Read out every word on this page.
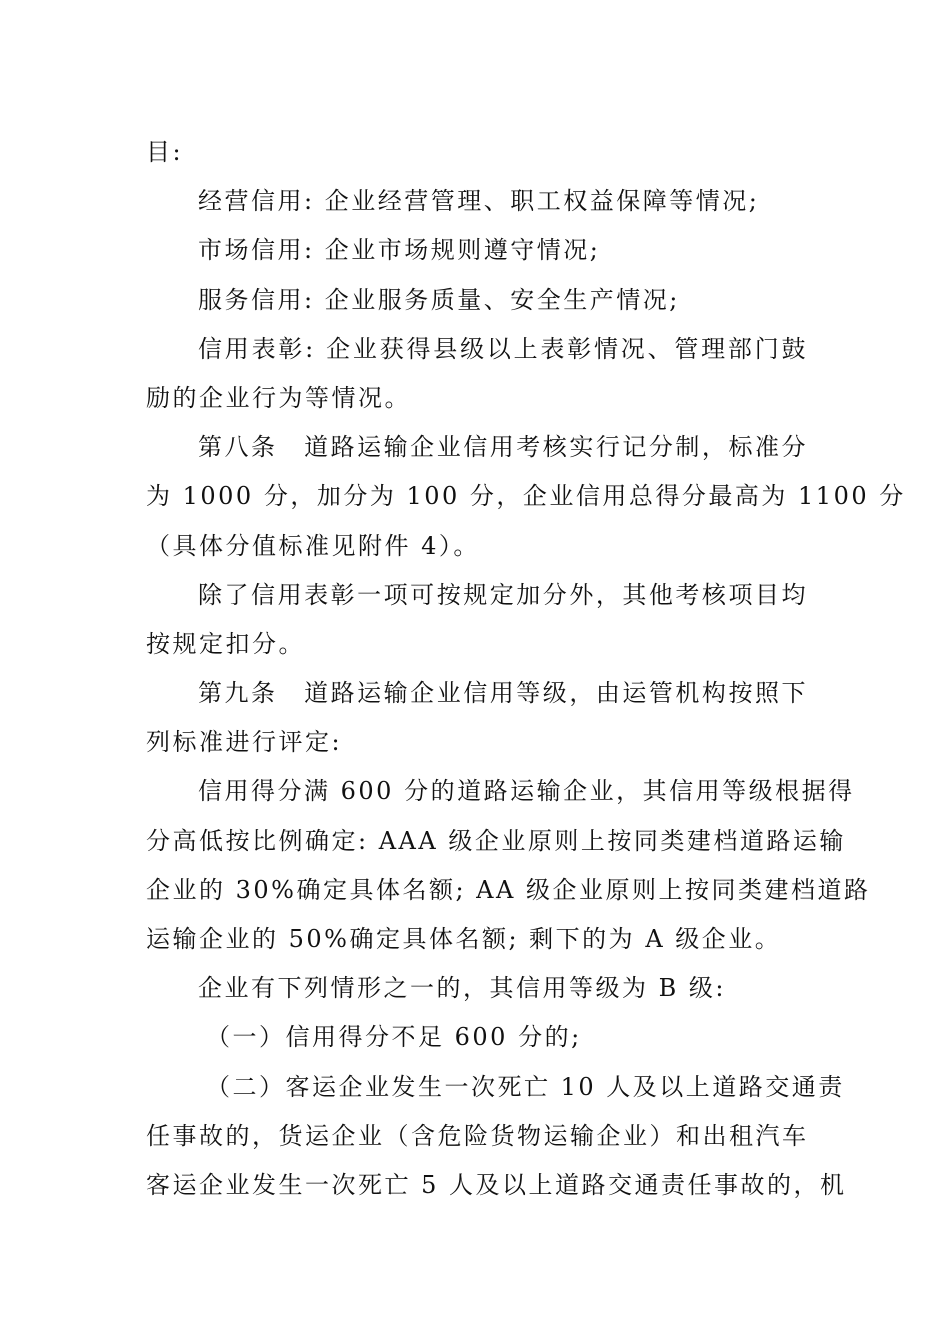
目:
经营信用: 企业经营管理、职工权益保障等情况;
市场信用: 企业市场规则遵守情况;
服务信用: 企业服务质量、安全生产情况;
信用表彰: 企业获得县级以上表彰情况、管理部门鼓
励的企业行为等情况。
第八条　道路运输企业信用考核实行记分制，标准分
为 1000 分，加分为 100 分，企业信用总得分最高为 1100 分
（具体分值标准见附件 4）。
除了信用表彰一项可按规定加分外，其他考核项目均
按规定扣分。
第九条　道路运输企业信用等级，由运管机构按照下
列标准进行评定:
信用得分满 600 分的道路运输企业，其信用等级根据得
分高低按比例确定: AAA 级企业原则上按同类建档道路运输
企业的 30%确定具体名额; AA 级企业原则上按同类建档道路
运输企业的 50%确定具体名额; 剩下的为 A 级企业。
企业有下列情形之一的，其信用等级为 B 级:
（一）信用得分不足 600 分的;
（二）客运企业发生一次死亡 10 人及以上道路交通责
任事故的，货运企业（含危险货物运输企业）和出租汽车
客运企业发生一次死亡 5 人及以上道路交通责任事故的，机
